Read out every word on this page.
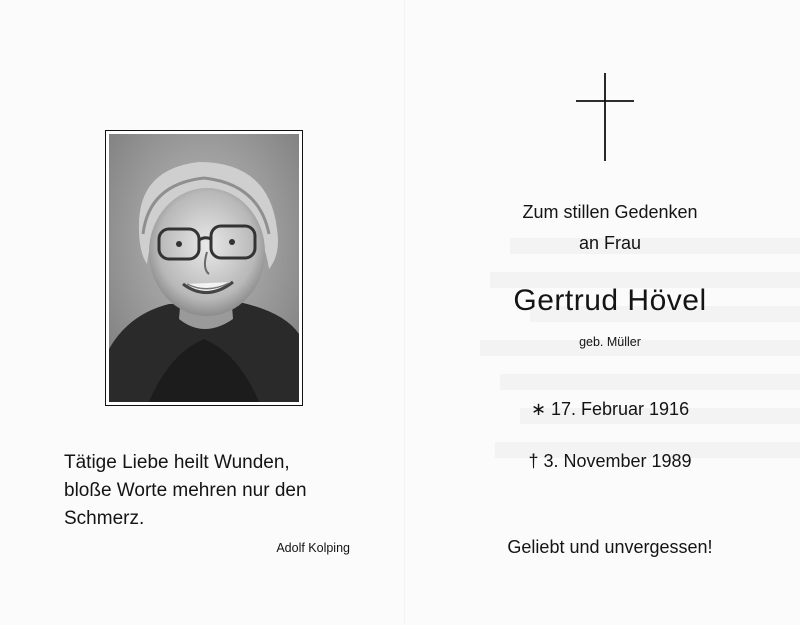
Tätige Liebe heilt Wunden,
bloße Worte mehren nur den
Schmerz.
Adolf Kolping
Zum stillen Gedenken
an Frau
Gertrud Hövel
geb. Müller
∗ 17. Februar 1916
† 3. November 1989
Geliebt und unvergessen!
